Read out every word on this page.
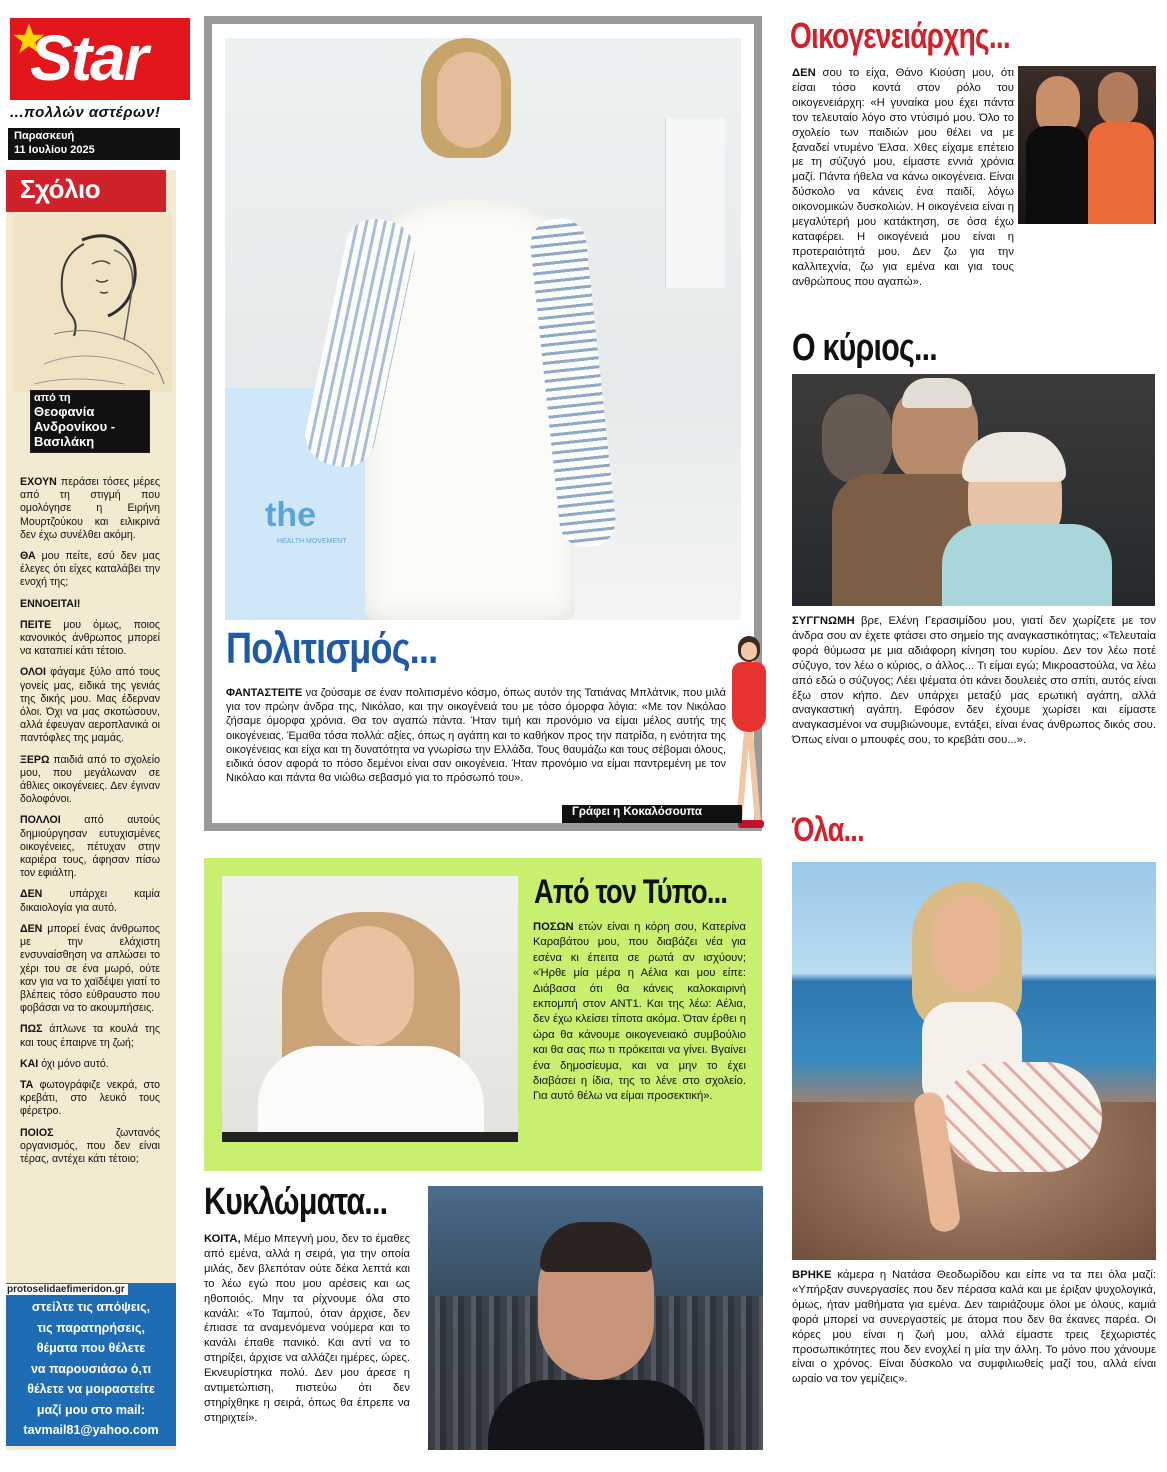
Star
...πολλών αστέρων!
Παρασκευή
11 Ιουλίου 2025
Σχόλιο
από τη
Θεοφανία
Ανδρονίκου -
Βασιλάκη

ΕΧΟΥΝ περάσει τόσες μέρες από τη στιγμή που ομολόγησε η Ειρήνη Μουρτζούκου και ειλικρινά δεν έχω συνέλθει ακόμη.

ΘΑ μου πείτε, εσύ δεν μας έλεγες ότι είχες καταλάβει την ενοχή της;

ΕΝΝΟΕΙΤΑΙ!

ΠΕΙΤΕ μου όμως, ποιος κανονικός άνθρωπος μπορεί να καταπιεί κάτι τέτοιο.

ΟΛΟΙ φάγαμε ξύλο από τους γονείς μας, ειδικά της γενιάς της δικής μου. Μας έδερναν όλοι. Όχι να μας σκοτώσουν, αλλά έφευγαν αεροπλανικά οι παντόφλες της μαμάς.

ΞΕΡΩ παιδιά από το σχολείο μου, που μεγάλωναν σε άθλιες οικογένειες. Δεν έγιναν δολοφόνοι.

ΠΟΛΛΟΙ από αυτούς δημιούργησαν ευτυχισμένες οικογένειες, πέτυχαν στην καριέρα τους, άφησαν πίσω τον εφιάλτη.

ΔΕΝ υπάρχει καμία δικαιολογία για αυτό.

ΔΕΝ μπορεί ένας άνθρωπος με την ελάχιστη ενσυναίσθηση να απλώσει το χέρι του σε ένα μωρό, ούτε καν για να το χαϊδέψει γιατί το βλέπεις τόσο εύθραυστο που φοβάσαι να το ακουμπήσεις.

ΠΩΣ άπλωνε τα κουλά της και τους έπαιρνε τη ζωή;

ΚΑΙ όχι μόνο αυτό.

ΤΑ φωτογράφιζε νεκρά, στο κρεβάτι, στο λευκό τους φέρετρο.

ΠΟΙΟΣ ζωντανός οργανισμός, που δεν είναι τέρας, αντέχει κάτι τέτοιο;

protoselidaefimeridon.gr
στείλτε τις απόψεις,
τις παρατηρήσεις,
θέματα που θέλετε
να παρουσιάσω ό,τι
θέλετε να μοιραστείτε
μαζί μου στο mail:
tavmail81@yahoo.com
the
HEALTH MOVEMENT
Πολιτισμός...
ΦΑΝΤΑΣΤΕΙΤΕ να ζούσαμε σε έναν πολιτισμένο κόσμο, όπως αυτόν της Τατιάνας Μπλάτνικ, που μιλά για τον πρώην άνδρα της, Νικόλαο, και την οικογένειά του με τόσο όμορφα λόγια: «Με τον Νικόλαο ζήσαμε όμορφα χρόνια. Θα τον αγαπώ πάντα. Ήταν τιμή και προνόμιο να είμαι μέλος αυτής της οικογένειας. Έμαθα τόσα πολλά: αξίες, όπως η αγάπη και το καθήκον προς την πατρίδα, η ενότητα της οικογένειας και είχα και τη δυνατότητα να γνωρίσω την Ελλάδα. Τους θαυμάζω και τους σέβομαι όλους, ειδικά όσον αφορά το πόσο δεμένοι είναι σαν οικογένεια. Ήταν προνόμιο να είμαι παντρεμένη με τον Νικόλαο και πάντα θα νιώθω σεβασμό για το πρόσωπό του».
Γράφει η Κοκαλόσουπα
Από τον Τύπο...
ΠΟΣΩΝ ετών είναι η κόρη σου, Κατερίνα Καραβάτου μου, που διαβάζει νέα για εσένα κι έπειτα σε ρωτά αν ισχύουν; «Ήρθε μία μέρα η Αέλια και μου είπε: Διάβασα ότι θα κάνεις καλοκαιρινή εκπομπή στον ΑΝΤ1. Και της λέω: Αέλια, δεν έχω κλείσει τίποτα ακόμα. Όταν έρθει η ώρα θα κάνουμε οικογενειακό συμβούλιο και θα σας πω τι πρόκειται να γίνει. Βγαίνει ένα δημοσίευμα, και να μην το έχει διαβάσει η ίδια, της το λένε στο σχολείο. Για αυτό θέλω να είμαι προσεκτική».
Κυκλώματα...
ΚΟΙΤΑ, Μέμο Μπεγνή μου, δεν το έμαθες από εμένα, αλλά η σειρά, για την οποία μιλάς, δεν βλεπόταν ούτε δέκα λεπτά και το λέω εγώ που μου αρέσεις και ως ηθοποιός. Μην τα ρίχνουμε όλα στο κανάλι: «Το Ταμπού, όταν άρχισε, δεν έπιασε τα αναμενόμενα νούμερα και το κανάλι έπαθε πανικό. Και αντί να το στηρίξει, άρχισε να αλλάζει ημέρες, ώρες. Εκνευρίστηκα πολύ. Δεν μου άρεσε η αντιμετώπιση, πιστεύω ότι δεν στηρίχθηκε η σειρά, όπως θα έπρεπε να στηριχτεί».
Οικογενειάρχης...
ΔΕΝ σου το είχα, Θάνο Κιούση μου, ότι είσαι τόσο κοντά στον ρόλο του οικογενειάρχη: «Η γυναίκα μου έχει πάντα τον τελευταίο λόγο στο ντύσιμό μου. Όλο το σχολείο των παιδιών μου θέλει να με ξαναδεί ντυμένο Έλσα. Χθες είχαμε επέτειο με τη σύζυγό μου, είμαστε εννιά χρόνια μαζί. Πάντα ήθελα να κάνω οικογένεια. Είναι δύσκολο να κάνεις ένα παιδί, λόγω οικονομικών δυσκολιών. Η οικογένεια είναι η μεγαλύτερή μου κατάκτηση, σε όσα έχω καταφέρει. Η οικογένειά μου είναι η προτεραιότητά μου. Δεν ζω για την καλλιτεχνία, ζω για εμένα και για τους ανθρώπους που αγαπώ».
Ο κύριος...
ΣΥΓΓΝΩΜΗ βρε, Ελένη Γερασιμίδου μου, γιατί δεν χωρίζετε με τον άνδρα σου αν έχετε φτάσει στο σημείο της αναγκαστικότητας; «Τελευταία φορά θύμωσα με μια αδιάφορη κίνηση του κυρίου. Δεν τον λέω ποτέ σύζυγο, τον λέω ο κύριος, ο άλλος... Τι είμαι εγώ; Μικροαστούλα, να λέω από εδώ ο σύζυγος; Λέει ψέματα ότι κάνει δουλειές στο σπίτι, αυτός είναι έξω στον κήπο. Δεν υπάρχει μεταξύ μας ερωτική αγάπη, αλλά αναγκαστική αγάπη. Εφόσον δεν έχουμε χωρίσει και είμαστε αναγκασμένοι να συμβιώνουμε, εντάξει, είναι ένας άνθρωπος δικός σου. Όπως είναι ο μπουφές σου, το κρεβάτι σου...».
Όλα...
ΒΡΗΚΕ κάμερα η Νατάσα Θεοδωρίδου και είπε να τα πει όλα μαζί: «Υπήρξαν συνεργασίες που δεν πέρασα καλά και με έριξαν ψυχολογικά, όμως, ήταν μαθήματα για εμένα. Δεν ταιριάζουμε όλοι με όλους, καμιά φορά μπορεί να συνεργαστείς με άτομα που δεν θα έκανες παρέα. Οι κόρες μου είναι η ζωή μου, αλλά είμαστε τρεις ξεχωριστές προσωπικότητες που δεν ενοχλεί η μία την άλλη. Το μόνο που χάνουμε είναι ο χρόνος. Είναι δύσκολο να συμφιλιωθείς μαζί του, αλλά είναι ωραίο να τον γεμίζεις».
